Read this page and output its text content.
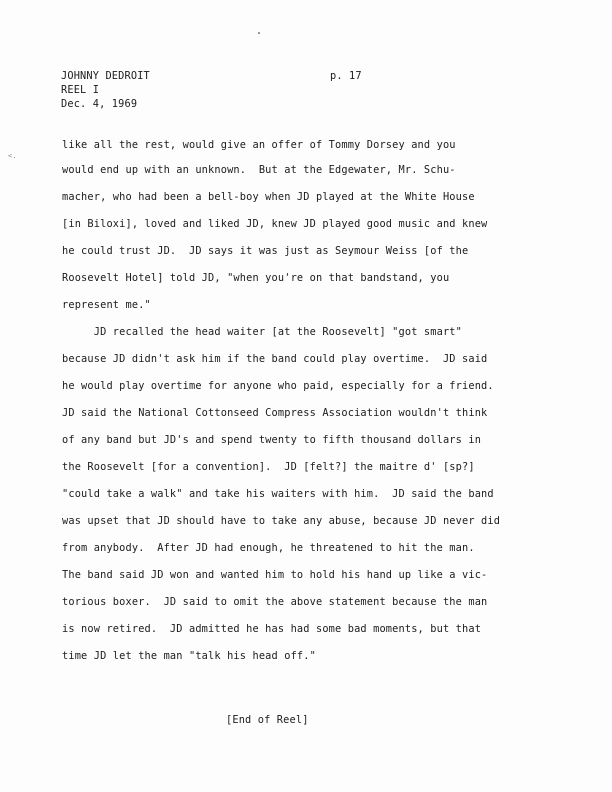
JOHNNY DEDROIT
REEL I
Dec. 4, 1969
p. 17
<.
like all the rest, would give an offer of Tommy Dorsey and you
would end up with an unknown.  But at the Edgewater, Mr. Schu-
macher, who had been a bell-boy when JD played at the White House
[in Biloxi], loved and liked JD, knew JD played good music and knew
he could trust JD.  JD says it was just as Seymour Weiss [of the
Roosevelt Hotel] told JD, "when you're on that bandstand, you
represent me."
JD recalled the head waiter [at the Roosevelt] "got smart"
because JD didn't ask him if the band could play overtime.  JD said
he would play overtime for anyone who paid, especially for a friend.
JD said the National Cottonseed Compress Association wouldn't think
of any band but JD's and spend twenty to fifth thousand dollars in
the Roosevelt [for a convention].  JD [felt?] the maitre d' [sp?]
"could take a walk" and take his waiters with him.  JD said the band
was upset that JD should have to take any abuse, because JD never did
from anybody.  After JD had enough, he threatened to hit the man.
The band said JD won and wanted him to hold his hand up like a vic-
torious boxer.  JD said to omit the above statement because the man
is now retired.  JD admitted he has had some bad moments, but that
time JD let the man "talk his head off."
[End of Reel]
